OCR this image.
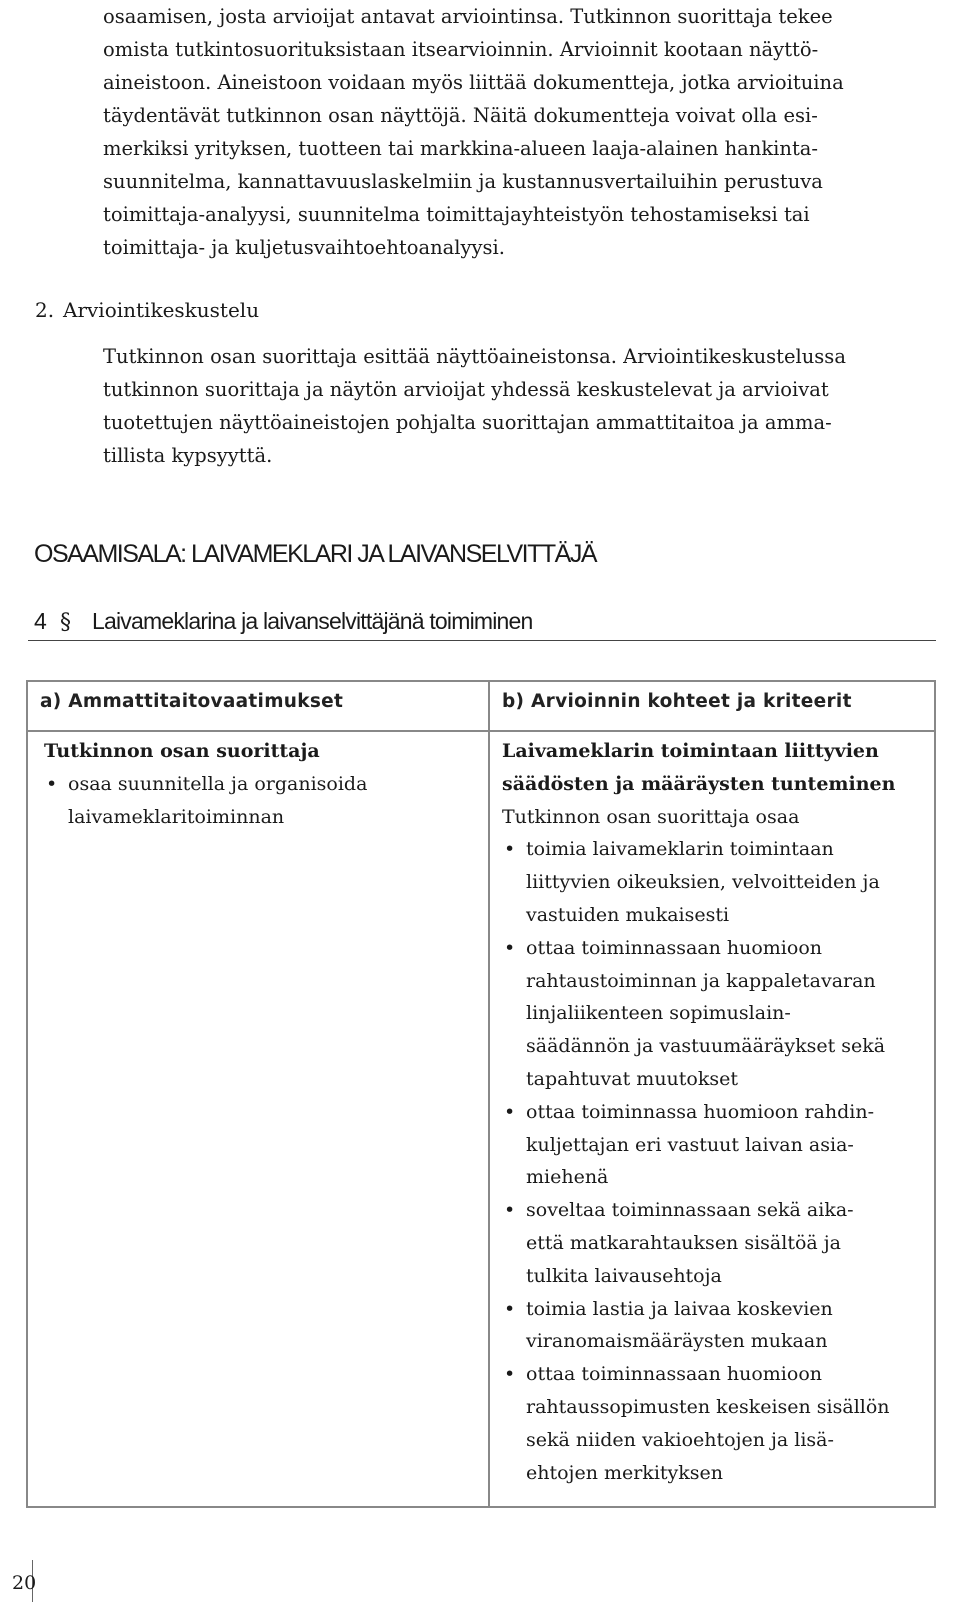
osaamisen, josta arvioijat antavat arviointinsa. Tutkinnon suorittaja tekee
omista tutkintosuorituksistaan itsearvioinnin. Arvioinnit kootaan näyttö-
aineistoon. Aineistoon voidaan myös liittää dokumentteja, jotka arvioituina
täydentävät tutkinnon osan näyttöjä. Näitä dokumentteja voivat olla esi-
merkiksi yrityksen, tuotteen tai markkina-alueen laaja-alainen hankinta-
suunnitelma, kannattavuuslaskelmiin ja kustannusvertailuihin perustuva
toimittaja-analyysi, suunnitelma toimittajayhteistyön tehostamiseksi tai
toimittaja- ja kuljetusvaihtoehtoanalyysi.
2. Arviointikeskustelu
Tutkinnon osan suorittaja esittää näyttöaineistonsa. Arviointikeskustelussa
tutkinnon suorittaja ja näytön arvioijat yhdessä keskustelevat ja arvioivat
tuotettujen näyttöaineistojen pohjalta suorittajan ammattitaitoa ja amma-
tillista kypsyyttä.
OSAAMISALA: LAIVAMEKLARI JA LAIVANSELVITTÄJÄ
4 § Laivameklarina ja laivanselvittäjänä toimiminen
a) Ammattitaitovaatimukset	b) Arvioinnin kohteet ja kriteerit
Tutkinnon osan suorittaja
• osaa suunnitella ja organisoida
laivameklaritoiminnan
Laivameklarin toimintaan liittyvien
säädösten ja määräysten tunteminen
Tutkinnon osan suorittaja osaa
• toimia laivameklarin toimintaan
liittyvien oikeuksien, velvoitteiden ja
vastuiden mukaisesti
• ottaa toiminnassaan huomioon
rahtaustoiminnan ja kappaletavaran
linjaliikenteen sopimuslain-
säädännön ja vastuumääräykset sekä
tapahtuvat muutokset
• ottaa toiminnassa huomioon rahdin-
kuljettajan eri vastuut laivan asia-
miehenä
• soveltaa toiminnassaan sekä aika-
että matkarahtauksen sisältöä ja
tulkita laivausehtoja
• toimia lastia ja laivaa koskevien
viranomaismääräysten mukaan
• ottaa toiminnassaan huomioon
rahtaussopimusten keskeisen sisällön
sekä niiden vakioehtojen ja lisä-
ehtojen merkityksen
20
